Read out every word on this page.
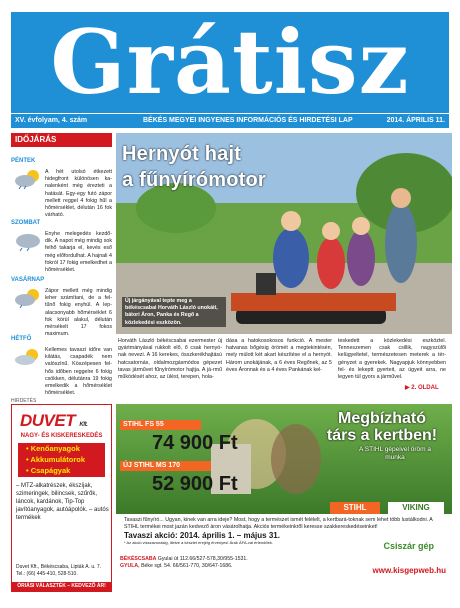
Grátisz
XV. évfolyam, 4. szám	BÉKÉS MEGYEI INGYENES INFORMÁCIÓS ÉS HIRDETÉSI LAP	2014. ÁPRILIS 11.
IDŐJÁRÁS
PÉNTEK
A hét utolsó étkezett hidegfront különösen ka-nalenként még érezteti a hatását. Egy-egy futó zápor mellett reggel 4 fokig hűl a hőmérséklet, délután 16 fok várható.
SZOMBAT
Enyhe melegedés kezdő-dik. A napot még mindig sok felhő takarja el, kevés eső még előfordulhat. A hajnali 4 fokról 17 fokig emelkedhet a hőmérséklet.
VASÁRNAP
Zápor mellett még mindig leher számítani, de a fel-tűnő fokig enyhül. A lep-alacsonyabb hőmérséklet 6 fok körül alakul, délután mérsékelt 17 fokos maximum.
HÉTFŐ
Kellemes tavaszi időre van kilátás, csapadék nem valószínű. Köszépesen fel-hős időben reggelre 6 fokig csökken, délutánra 19 fokig emelkedik a hőmérséklet hőmérséklet.
Hernyót hajt
a fűnyírómotor
Új járgányával tepte meg a békéscsabai Horváth László unokáit, bátori Áron, Panka és Regő a közlekedési eszközön.
Horváth László békéscsabai ezermester új gyártmányával rukkolt elő, ő csak hernyó-nak nevezi. A 16 kerekes, összkerékhajtású hatcsatornás, oldalmozgásmódos gépezet tavas járművet fűnyírómotor hajtja. A já-rmű működését ahoz, az ülést, terepen, hola-
dása a hatokosokosos funkció. A mester hatvanas bőgésig örömét a megtekintésén, mely múlott két akart készítése el a hernyót. Három unokájának, a 6 éves Regőnek, az 5 éves Áronnak és a 4 éves Pankának kel-
teskedett a közlekedési eszköztel. Tenneszemen csak csillik, nagyszülői kelügyeltetel, természetesen meterek a tér-gényzet a gyerekek. Nagyapjuk könnyebben fel- és lekeptt gyerteit, az ügyeit arra, ne legyen túl gyors a járművel.
▶ 2. OLDAL
HIRDETÉS
DUVET Kft.
NAGY- ÉS KISKERESKEDÉS
• Kenőanyagok
• Akkumulátorok
• Csapágyak
– MTZ-alkatrészek, ékszíjak, szimeringek, bilincsek, szűrők, láncok, kardánok, Tip-Top javítóanyagok, autóápolók. – autós termékek
Duvet Kft., Békéscsaba, Lipták A. u. 7. Tel.: (66) 445-410, 528-510.
ÓRIÁSI VÁLASZTÉK – KEDVEZŐ ÁR!
Megbízható társ a kertben!
A STIHL gépeivel öröm a munka
STIHL FS 55
74 900 Ft
ÚJ STIHL MS 170
52 900 Ft
STIHL	VIKING
Tavaszi fűnyíró... Ugyan, kinek van arra ideje? Most, hogy a természet ismét felélelt, a kertbará-toknak sem lehet több lustálkodni. A STIHL termékei most jazán kedvező áron vásárolhatja. Akciós termékeinkről keresse szakkereskedéseinket!
Tavaszi akció: 2014. április 1. – május 31.
* Az akció visszavonásig, illetve a készlet erejéig érvényes! Árak ÁFA-val értendőek.	Csiszár gép
BÉKÉSCSABA Gyulai út 112.66/527-578,30/955-1531.
GYULA, Béke sgt. 54. 66/561-770, 30/647-1686.	www.kisgepweb.hu
